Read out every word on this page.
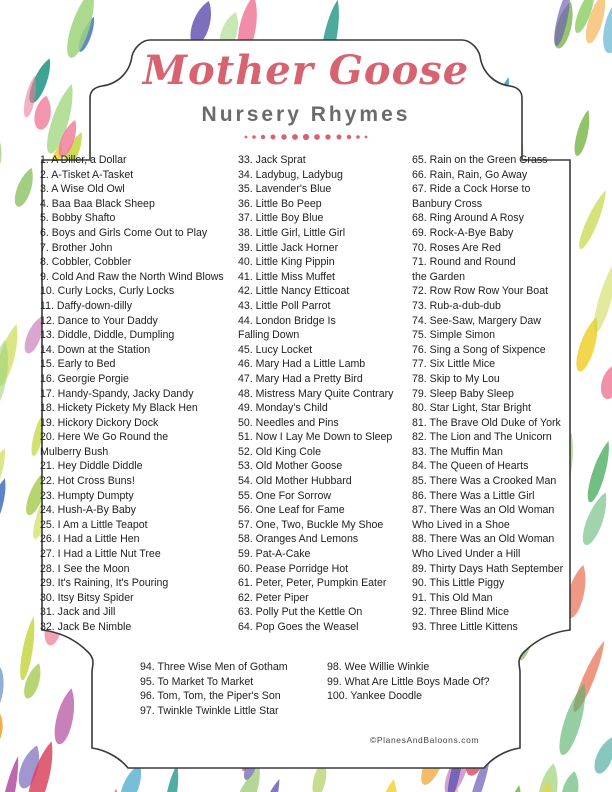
Mother Goose
Nursery Rhymes
1. A Diller, a Dollar
2. A-Tisket A-Tasket
3. A Wise Old Owl
4. Baa Baa Black Sheep
5. Bobby Shafto
6. Boys and Girls Come Out to Play
7. Brother John
8. Cobbler, Cobbler
9. Cold And Raw the North Wind Blows
10. Curly Locks, Curly Locks
11. Daffy-down-dilly
12. Dance to Your Daddy
13. Diddle, Diddle, Dumpling
14. Down at the Station
15. Early to Bed
16. Georgie Porgie
17. Handy-Spandy, Jacky Dandy
18. Hickety Pickety My Black Hen
19. Hickory Dickory Dock
20. Here We Go Round the
Mulberry Bush
21. Hey Diddle Diddle
22. Hot Cross Buns!
23. Humpty Dumpty
24. Hush-A-By Baby
25. I Am a Little Teapot
26. I Had a Little Hen
27. I Had a Little Nut Tree
28. I See the Moon
29. It's Raining, It's Pouring
30. Itsy Bitsy Spider
31. Jack and Jill
32. Jack Be Nimble
33. Jack Sprat
34. Ladybug, Ladybug
35. Lavender's Blue
36. Little Bo Peep
37. Little Boy Blue
38. Little Girl, Little Girl
39. Little Jack Horner
40. Little King Pippin
41. Little Miss Muffet
42. Little Nancy Etticoat
43. Little Poll Parrot
44. London Bridge Is
Falling Down
45. Lucy Locket
46. Mary Had a Little Lamb
47. Mary Had a Pretty Bird
48. Mistress Mary Quite Contrary
49. Monday's Child
50. Needles and Pins
51. Now I Lay Me Down to Sleep
52. Old King Cole
53. Old Mother Goose
54. Old Mother Hubbard
55. One For Sorrow
56. One Leaf for Fame
57. One, Two, Buckle My Shoe
58. Oranges And Lemons
59. Pat-A-Cake
60. Pease Porridge Hot
61. Peter, Peter, Pumpkin Eater
62. Peter Piper
63. Polly Put the Kettle On
64. Pop Goes the Weasel
65. Rain on the Green Grass
66. Rain, Rain, Go Away
67. Ride a Cock Horse to
Banbury Cross
68. Ring Around A Rosy
69. Rock-A-Bye Baby
70. Roses Are Red
71. Round and Round
the Garden
72. Row Row Row Your Boat
73. Rub-a-dub-dub
74. See-Saw, Margery Daw
75. Simple Simon
76. Sing a Song of Sixpence
77. Six Little Mice
78. Skip to My Lou
79. Sleep Baby Sleep
80. Star Light, Star Bright
81. The Brave Old Duke of York
82. The Lion and The Unicorn
83. The Muffin Man
84. The Queen of Hearts
85. There Was a Crooked Man
86. There Was a Little Girl
87. There Was an Old Woman
Who Lived in a Shoe
88. There Was an Old Woman
Who Lived Under a Hill
89. Thirty Days Hath September
90. This Little Piggy
91. This Old Man
92. Three Blind Mice
93. Three Little Kittens
94. Three Wise Men of Gotham
95. To Market To Market
96. Tom, Tom, the Piper's Son
97. Twinkle Twinkle Little Star
98. Wee Willie Winkie
99. What Are Little Boys Made Of?
100. Yankee Doodle
©PlanesAndBaloons.com
